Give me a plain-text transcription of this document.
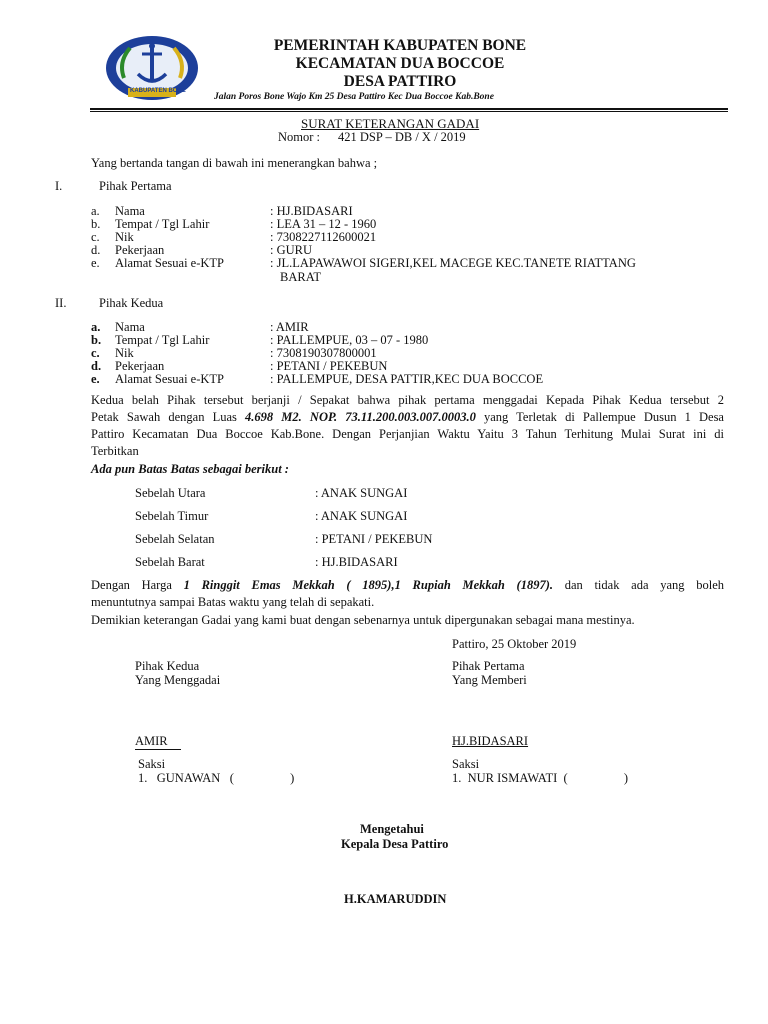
KABUPATEN BONE
PEMERINTAH KABUPATEN BONE
KECAMATAN DUA BOCCOE
DESA PATTIRO
Jalan Poros Bone Wajo Km 25 Desa Pattiro Kec Dua Boccoe Kab.Bone
SURAT KETERANGAN GADAI
Nomor : 421 DSP – DB / X / 2019
Yang bertanda tangan di bawah ini menerangkan bahwa ;
I.	Pihak Pertama
a. Nama	: HJ.BIDASARI
b. Tempat / Tgl Lahir	: LEA 31 – 12 - 1960
c. Nik	: 7308227112600021
d. Pekerjaan	: GURU
e. Alamat Sesuai e-KTP	: JL.LAPAWAWOI SIGERI,KEL MACEGE KEC.TANETE RIATTANG
BARAT
II.	Pihak Kedua
a. Nama	: AMIR
b. Tempat / Tgl Lahir	: PALLEMPUE, 03 – 07 - 1980
c. Nik	: 7308190307800001
d. Pekerjaan	: PETANI / PEKEBUN
e. Alamat Sesuai e-KTP	: PALLEMPUE, DESA PATTIR,KEC DUA BOCCOE
Kedua belah Pihak tersebut berjanji / Sepakat bahwa pihak pertama menggadai Kepada Pihak Kedua tersebut 2
Petak Sawah dengan Luas 4.698 M2. NOP. 73.11.200.003.007.0003.0 yang Terletak di Pallempue Dusun 1 Desa
Pattiro Kecamatan Dua Boccoe Kab.Bone. Dengan Perjanjian Waktu Yaitu 3 Tahun Terhitung Mulai Surat ini di
Terbitkan
Ada pun Batas Batas sebagai berikut :
Sebelah Utara	: ANAK SUNGAI
Sebelah Timur	: ANAK SUNGAI
Sebelah Selatan	: PETANI / PEKEBUN
Sebelah Barat	: HJ.BIDASARI
Dengan Harga 1 Ringgit Emas Mekkah ( 1895),1 Rupiah Mekkah (1897). dan tidak ada yang boleh
menuntutnya sampai Batas waktu yang telah di sepakati.
Demikian keterangan Gadai yang kami buat dengan sebenarnya untuk dipergunakan sebagai mana mestinya.
Pattiro, 25 Oktober 2019
Pihak Kedua
Yang Menggadai
Pihak Pertama
Yang Memberi
AMIR	HJ.BIDASARI
Saksi	Saksi
1.   GUNAWAN   (                  )	1.  NUR ISMAWATI  (                  )
Mengetahui
Kepala Desa Pattiro
H.KAMARUDDIN
